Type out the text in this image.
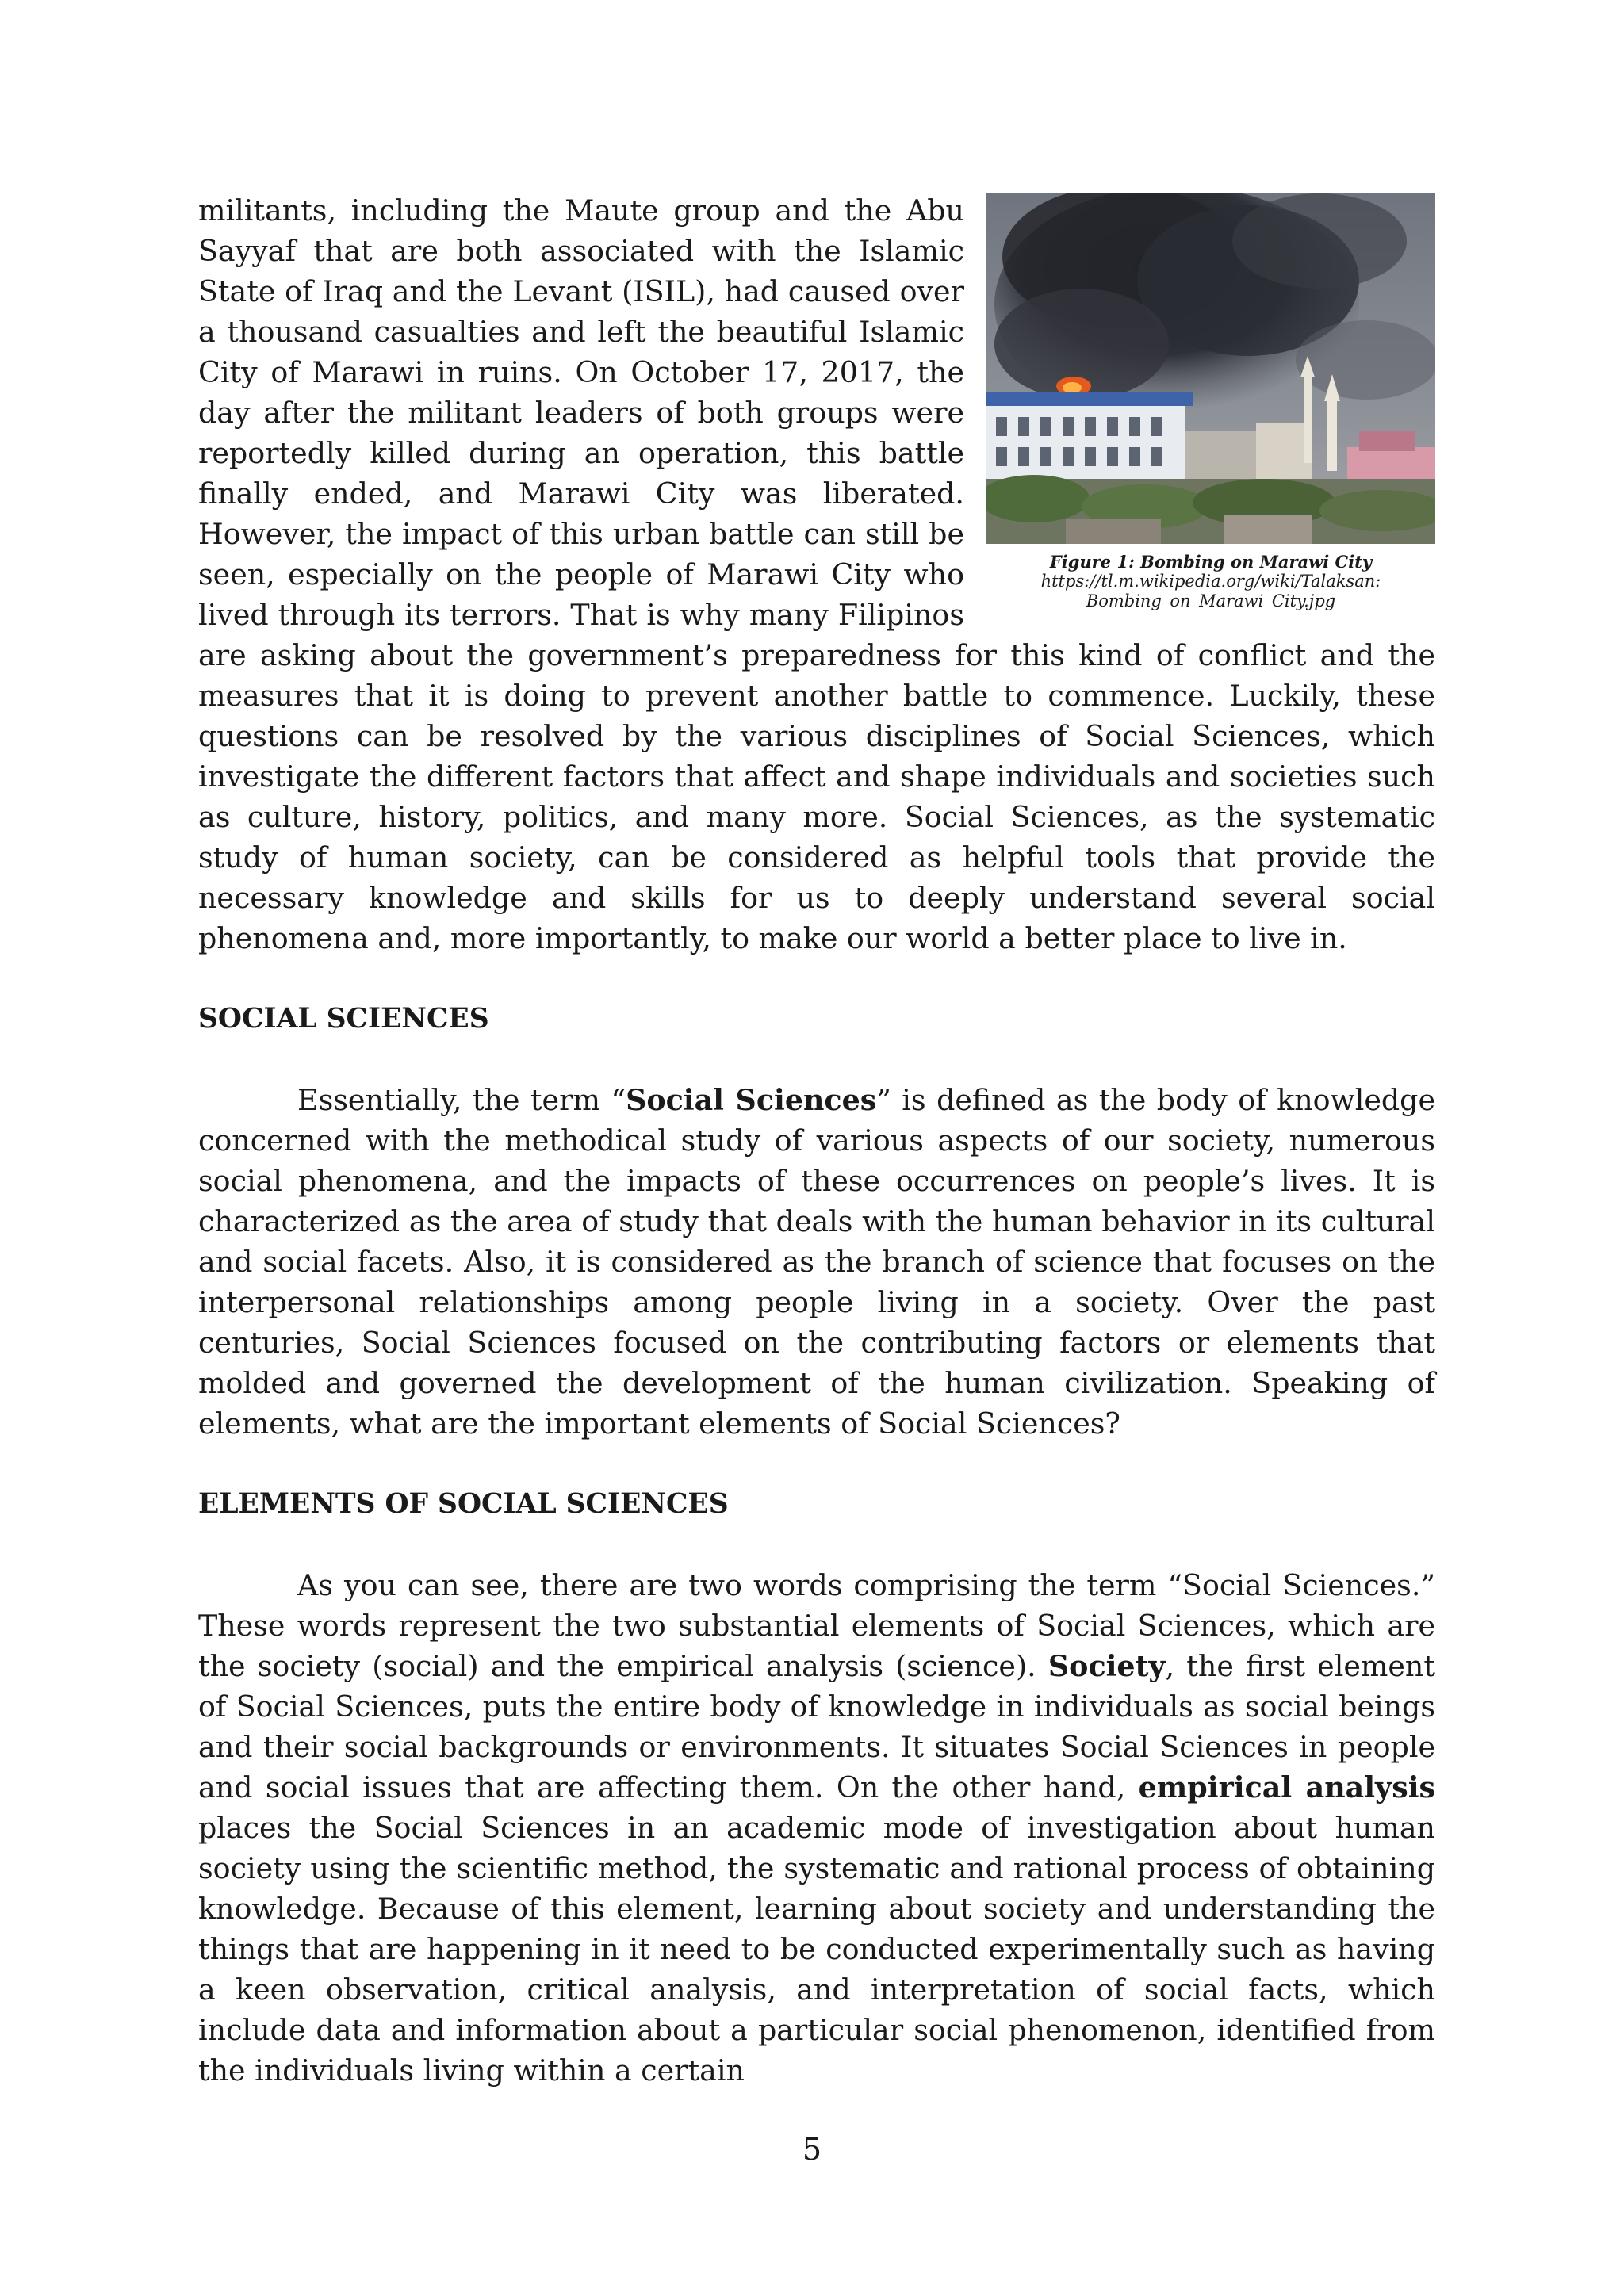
Figure 1: Bombing on Marawi City
https://tl.m.wikipedia.org/wiki/Talaksan:
Bombing_on_Marawi_City.jpg

militants, including the Maute group and the Abu Sayyaf that are both associated with the Islamic State of Iraq and the Levant (ISIL), had caused over a thousand casualties and left the beautiful Islamic City of Marawi in ruins. On October 17, 2017, the day after the militant leaders of both groups were reportedly killed during an operation, this battle finally ended, and Marawi City was liberated. However, the impact of this urban battle can still be seen, especially on the people of Marawi City who lived through its terrors. That is why many Filipinos are asking about the government’s preparedness for this kind of conflict and the measures that it is doing to prevent another battle to commence. Luckily, these questions can be resolved by the various disciplines of Social Sciences, which investigate the different factors that affect and shape individuals and societies such as culture, history, politics, and many more. Social Sciences, as the systematic study of human society, can be considered as helpful tools that provide the necessary knowledge and skills for us to deeply understand several social phenomena and, more importantly, to make our world a better place to live in.

SOCIAL SCIENCES

Essentially, the term “Social Sciences” is defined as the body of knowledge concerned with the methodical study of various aspects of our society, numerous social phenomena, and the impacts of these occurrences on people’s lives. It is characterized as the area of study that deals with the human behavior in its cultural and social facets. Also, it is considered as the branch of science that focuses on the interpersonal relationships among people living in a society. Over the past centuries, Social Sciences focused on the contributing factors or elements that molded and governed the development of the human civilization. Speaking of elements, what are the important elements of Social Sciences?

ELEMENTS OF SOCIAL SCIENCES

As you can see, there are two words comprising the term “Social Sciences.” These words represent the two substantial elements of Social Sciences, which are the society (social) and the empirical analysis (science). Society, the first element of Social Sciences, puts the entire body of knowledge in individuals as social beings and their social backgrounds or environments. It situates Social Sciences in people and social issues that are affecting them. On the other hand, empirical analysis places the Social Sciences in an academic mode of investigation about human society using the scientific method, the systematic and rational process of obtaining knowledge. Because of this element, learning about society and understanding the things that are happening in it need to be conducted experimentally such as having a keen observation, critical analysis, and interpretation of social facts, which include data and information about a particular social phenomenon, identified from the individuals living within a certain

5
